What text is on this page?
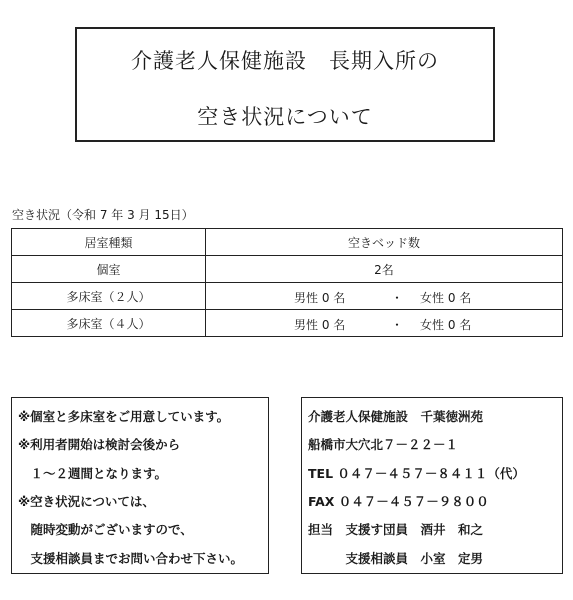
介護老人保健施設　長期入所の
空き状況について
空き状況（令和 7 年 3 月 15日）
居室種類	空きベッド数
個室	2名
多床室（２人）	男性 0 名 ・ 女性 0 名

多床室（４人）	男性 0 名 ・ 女性 0 名
※個室と多床室をご用意しています。
※利用者開始は検討会後から
　１～２週間となります。
※空き状況については、
　随時変動がございますので、
　支援相談員までお問い合わせ下さい。
介護老人保健施設　千葉徳洲苑
船橋市大穴北７－２２－１
TEL ０４７－４５７－８４１１（代）
FAX ０４７－４５７－９８００
担当　支援す団員　酒井　和之
　　　支援相談員　小室　定男
